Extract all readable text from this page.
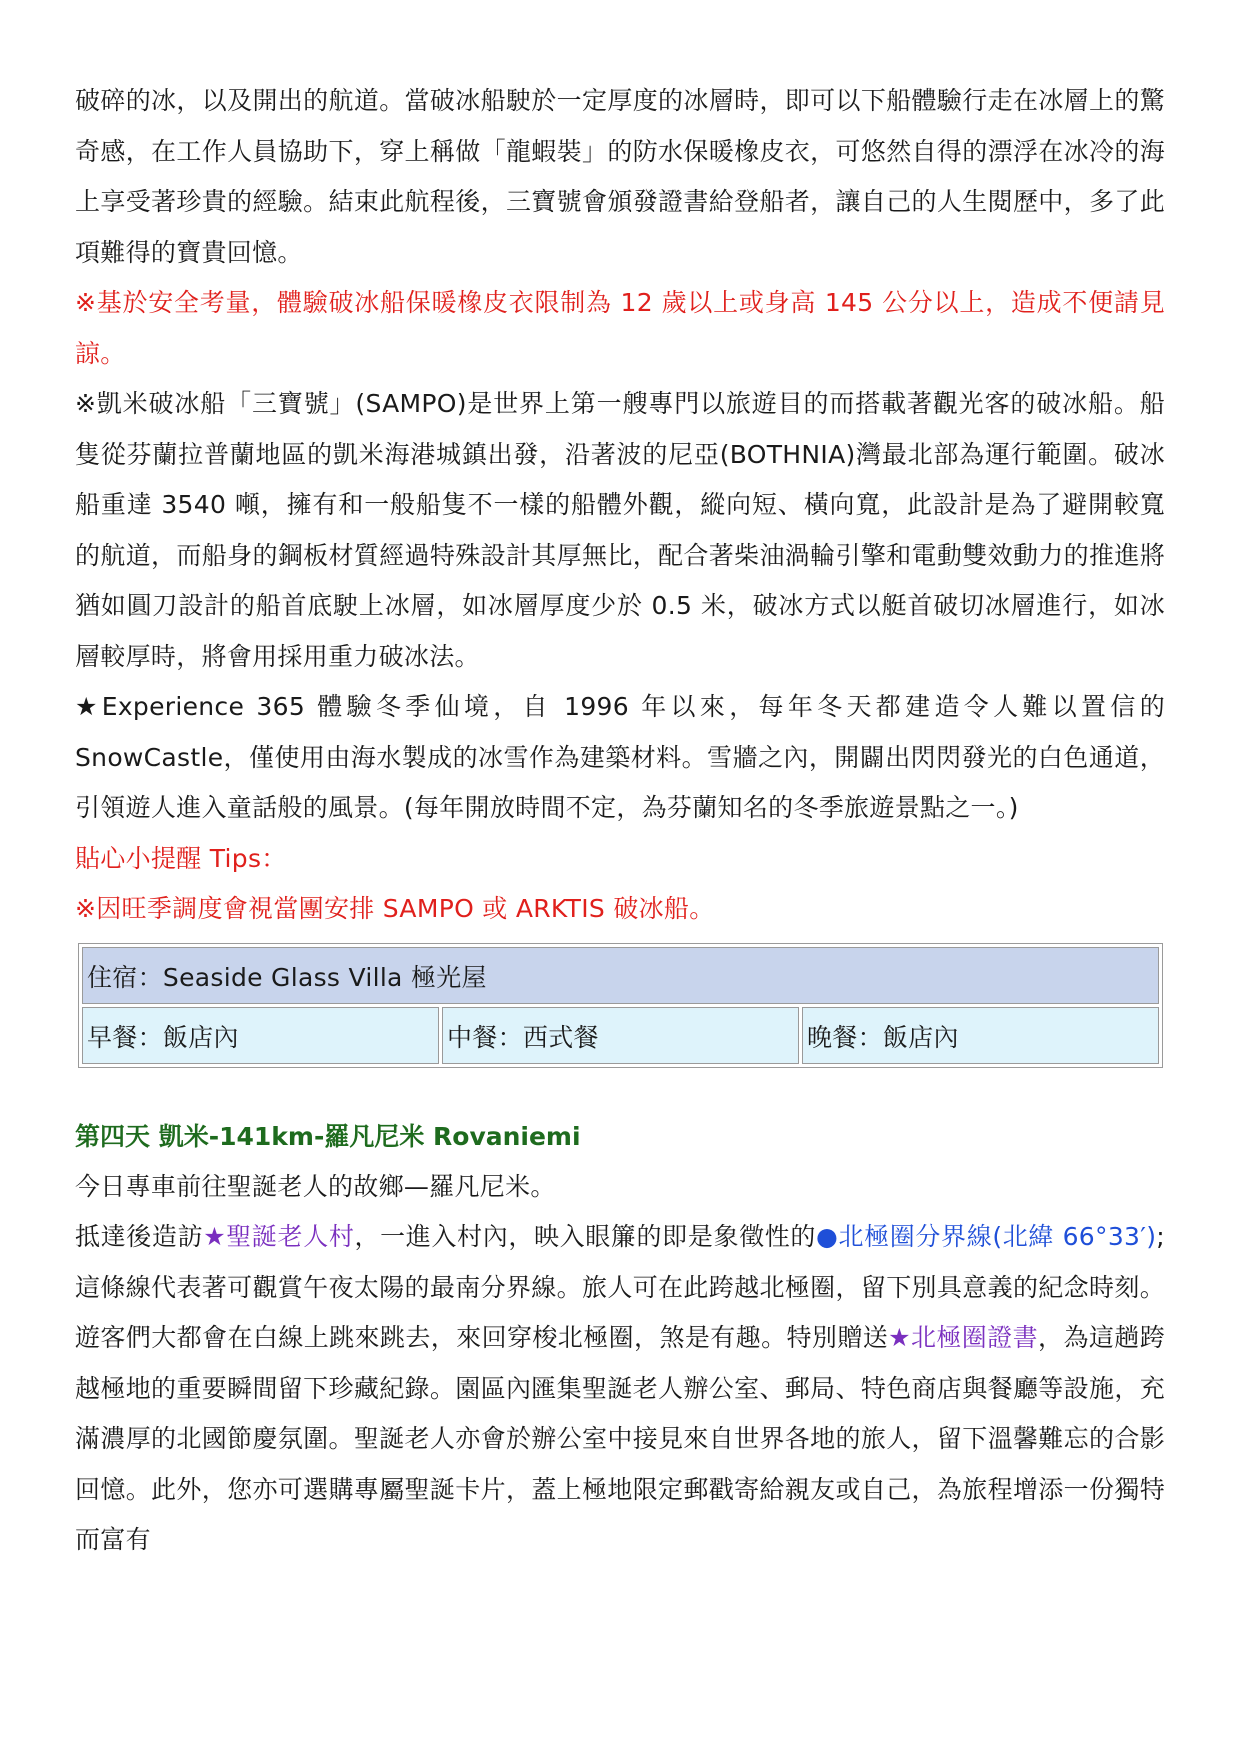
破碎的冰，以及開出的航道。當破冰船駛於一定厚度的冰層時，即可以下船體驗行走在冰層上的驚奇感，在工作人員協助下，穿上稱做「龍蝦裝」的防水保暖橡皮衣，可悠然自得的漂浮在冰冷的海上享受著珍貴的經驗。結束此航程後，三寶號會頒發證書給登船者，讓自己的人生閱歷中，多了此項難得的寶貴回憶。

※基於安全考量，體驗破冰船保暖橡皮衣限制為 12 歲以上或身高 145 公分以上，造成不便請見諒。

※凱米破冰船「三寶號」(SAMPO)是世界上第一艘專門以旅遊目的而搭載著觀光客的破冰船。船隻從芬蘭拉普蘭地區的凱米海港城鎮出發，沿著波的尼亞(BOTHNIA)灣最北部為運行範圍。破冰船重達 3540 噸，擁有和一般船隻不一樣的船體外觀，縱向短、橫向寬，此設計是為了避開較寬的航道，而船身的鋼板材質經過特殊設計其厚無比，配合著柴油渦輪引擎和電動雙效動力的推進將猶如圓刀設計的船首底駛上冰層，如冰層厚度少於 0.5 米，破冰方式以艇首破切冰層進行，如冰層較厚時，將會用採用重力破冰法。

★Experience 365 體驗冬季仙境，自 1996 年以來，每年冬天都建造令人難以置信的SnowCastle，僅使用由海水製成的冰雪作為建築材料。雪牆之內，開闢出閃閃發光的白色通道，引領遊人進入童話般的風景。(每年開放時間不定，為芬蘭知名的冬季旅遊景點之一。)

貼心小提醒 Tips：

※因旺季調度會視當團安排 SAMPO 或 ARKTIS 破冰船。

住宿：Seaside Glass Villa 極光屋
早餐：飯店內	中餐：西式餐	晚餐：飯店內

第四天 凱米-141km-羅凡尼米 Rovaniemi

今日專車前往聖誕老人的故鄉—羅凡尼米。

抵達後造訪★聖誕老人村，一進入村內，映入眼簾的即是象徵性的●北極圈分界線(北緯 66°33′); 這條線代表著可觀賞午夜太陽的最南分界線。旅人可在此跨越北極圈，留下別具意義的紀念時刻。遊客們大都會在白線上跳來跳去，來回穿梭北極圈，煞是有趣。特別贈送★北極圈證書，為這趟跨越極地的重要瞬間留下珍藏紀錄。園區內匯集聖誕老人辦公室、郵局、特色商店與餐廳等設施，充滿濃厚的北國節慶氛圍。聖誕老人亦會於辦公室中接見來自世界各地的旅人，留下溫馨難忘的合影回憶。此外，您亦可選購專屬聖誕卡片，蓋上極地限定郵戳寄給親友或自己，為旅程增添一份獨特而富有
